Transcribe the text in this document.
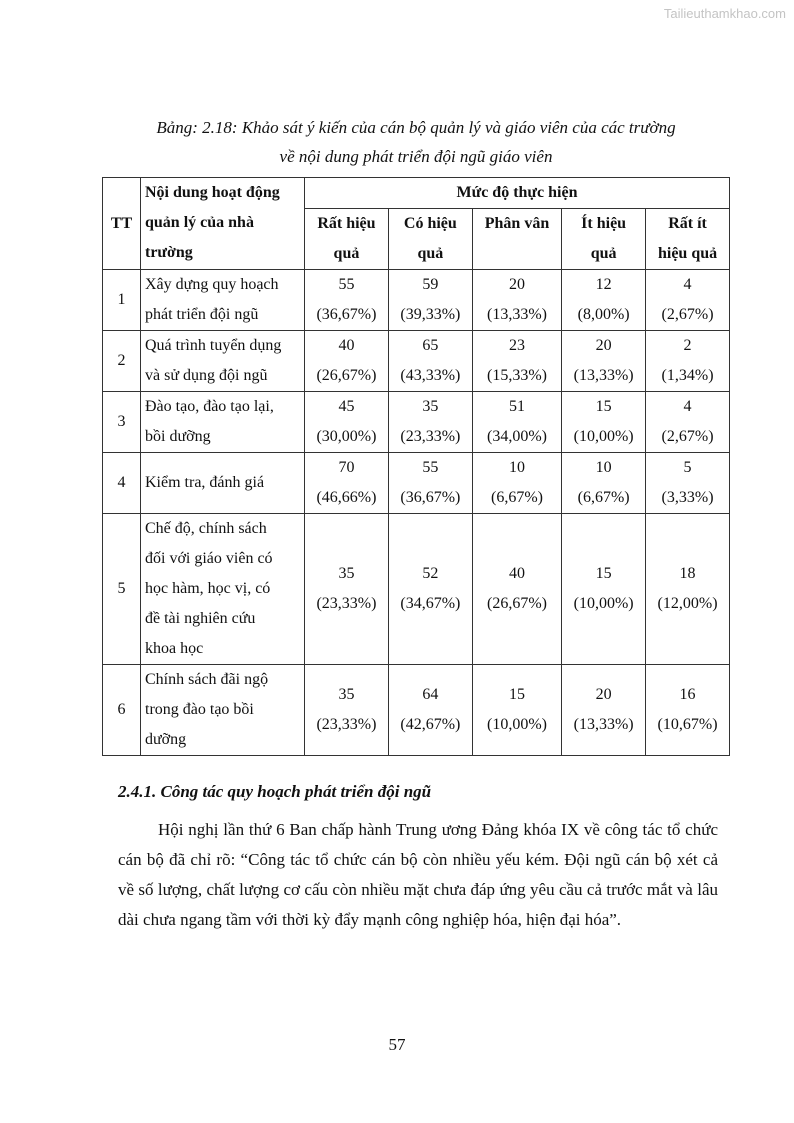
Tailieuthamkhao.com
Bảng: 2.18: Khảo sát ý kiến của cán bộ quản lý và giáo viên của các trường
về nội dung phát triển đội ngũ giáo viên
TT	Nội dung hoạt động
quản lý của nhà
trường	Mức độ thực hiện				

		Rất hiệu
quả	Có hiệu
quả	Phân vân	Ít hiệu
quả	Rất ít
hiệu quả

1	Xây dựng quy hoạch
phát triển đội ngũ	55
(36,67%)	59
(39,33%)	20
(13,33%)	12
(8,00%)	4
(2,67%)

2	Quá trình tuyển dụng
và sử dụng đội ngũ	40
(26,67%)	65
(43,33%)	23
(15,33%)	20
(13,33%)	2
(1,34%)

3	Đào tạo, đào tạo lại,
bồi dưỡng	45
(30,00%)	35
(23,33%)	51
(34,00%)	15
(10,00%)	4
(2,67%)

4	Kiểm tra, đánh giá	70
(46,66%)	55
(36,67%)	10
(6,67%)	10
(6,67%)	5
(3,33%)

5	Chế độ, chính sách
đối với giáo viên có
học hàm, học vị, có
đề tài nghiên cứu
khoa học	35
(23,33%)	52
(34,67%)	40
(26,67%)	15
(10,00%)	18
(12,00%)

6	Chính sách đãi ngộ
trong đào tạo bồi
dưỡng	35
(23,33%)	64
(42,67%)	15
(10,00%)	20
(13,33%)	16
(10,67%)
2.4.1. Công tác quy hoạch phát triển đội ngũ
Hội nghị lần thứ 6 Ban chấp hành Trung ương Đảng khóa IX về công tác tổ chức cán bộ đã chỉ rõ: “Công tác tổ chức cán bộ còn nhiều yếu kém. Đội ngũ cán bộ xét cả về số lượng, chất lượng cơ cấu còn nhiều mặt chưa đáp ứng yêu cầu cả trước mắt và lâu dài chưa ngang tầm với thời kỳ đẩy mạnh công nghiệp hóa, hiện đại hóa”.
57
